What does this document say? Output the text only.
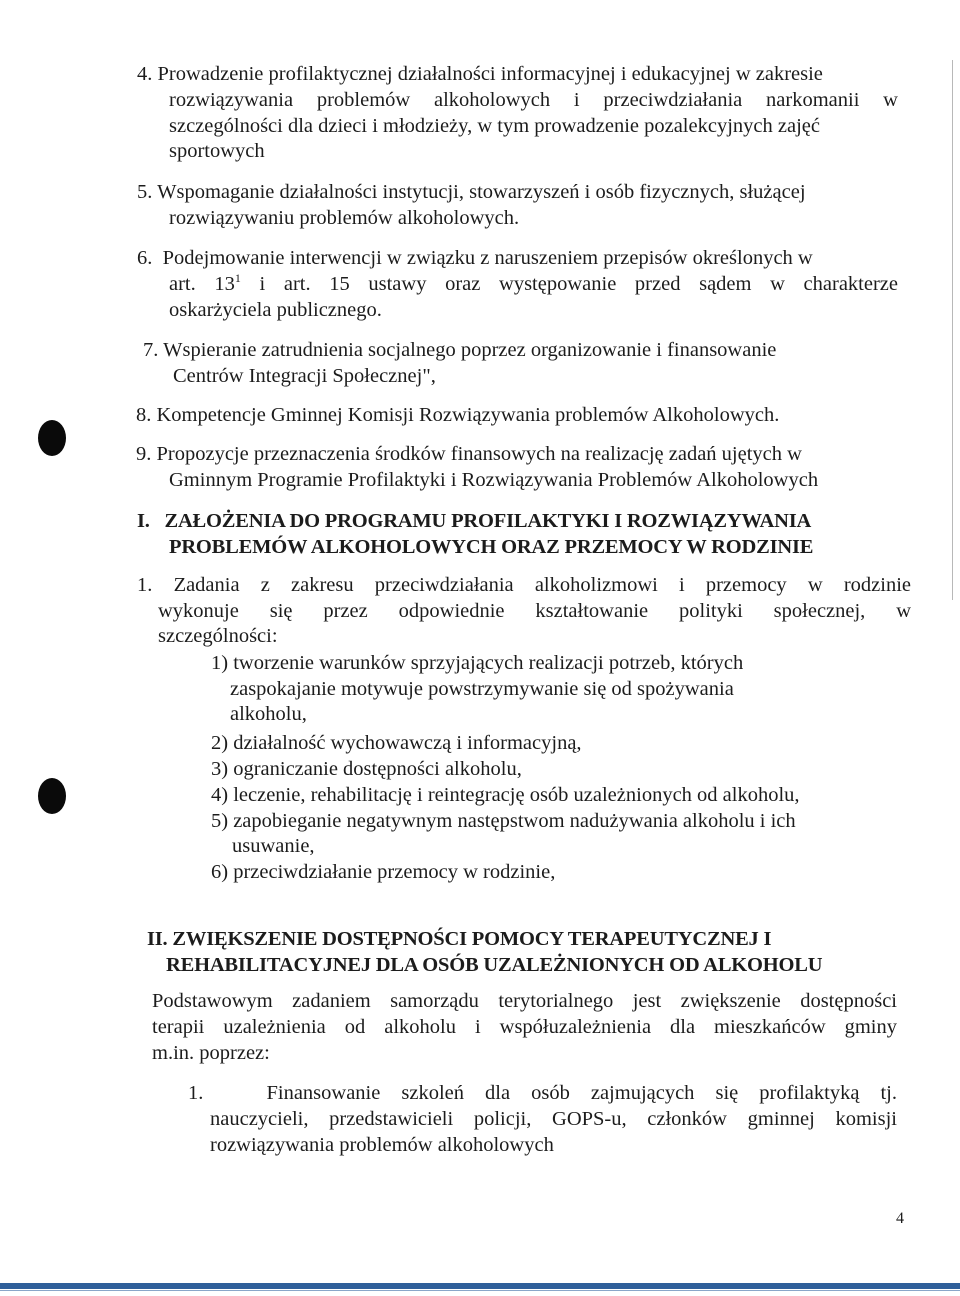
4. Prowadzenie profilaktycznej działalności informacyjnej i edukacyjnej w zakresie
rozwiązywania problemów alkoholowych i przeciwdziałania narkomanii w
szczególności dla dzieci i młodzieży, w tym prowadzenie pozalekcyjnych zajęć
sportowych
5. Wspomaganie działalności instytucji, stowarzyszeń i osób fizycznych, służącej
rozwiązywaniu problemów alkoholowych.
6. Podejmowanie interwencji w związku z naruszeniem przepisów określonych w
art. $13^1$ i art. 15 ustawy oraz występowanie przed sądem w charakterze
oskarżyciela publicznego.
7. Wspieranie zatrudnienia socjalnego poprzez organizowanie i finansowanie
Centrów Integracji Społecznej",
8. Kompetencje Gminnej Komisji Rozwiązywania problemów Alkoholowych.
9. Propozycje przeznaczenia środków finansowych na realizację zadań ujętych w
Gminnym Programie Profilaktyki i Rozwiązywania Problemów Alkoholowych
I. ZAŁOŻENIA DO PROGRAMU PROFILAKTYKI I ROZWIĄZYWANIA
PROBLEMÓW ALKOHOLOWYCH ORAZ PRZEMOCY W RODZINIE
1. Zadania z zakresu przeciwdziałania alkoholizmowi i przemocy w rodzinie
wykonuje się przez odpowiednie kształtowanie polityki społecznej, w
szczególności:
1) tworzenie warunków sprzyjających realizacji potrzeb, których
zaspokajanie motywuje powstrzymywanie się od spożywania
alkoholu,
2) działalność wychowawczą i informacyjną,
3) ograniczanie dostępności alkoholu,
4) leczenie, rehabilitację i reintegrację osób uzależnionych od alkoholu,
5) zapobieganie negatywnym następstwom nadużywania alkoholu i ich
usuwanie,
6) przeciwdziałanie przemocy w rodzinie,
II. ZWIĘKSZENIE DOSTĘPNOŚCI POMOCY TERAPEUTYCZNEJ I
REHABILITACYJNEJ DLA OSÓB UZALEŻNIONYCH OD ALKOHOLU
Podstawowym zadaniem samorządu terytorialnego jest zwiększenie dostępności
terapii uzależnienia od alkoholu i współuzależnienia dla mieszkańców gminy
m.in. poprzez:
1.	Finansowanie szkoleń dla osób zajmujących się profilaktyką tj.
nauczycieli, przedstawicieli policji, GOPS-u, członków gminnej komisji
rozwiązywania problemów alkoholowych
4
